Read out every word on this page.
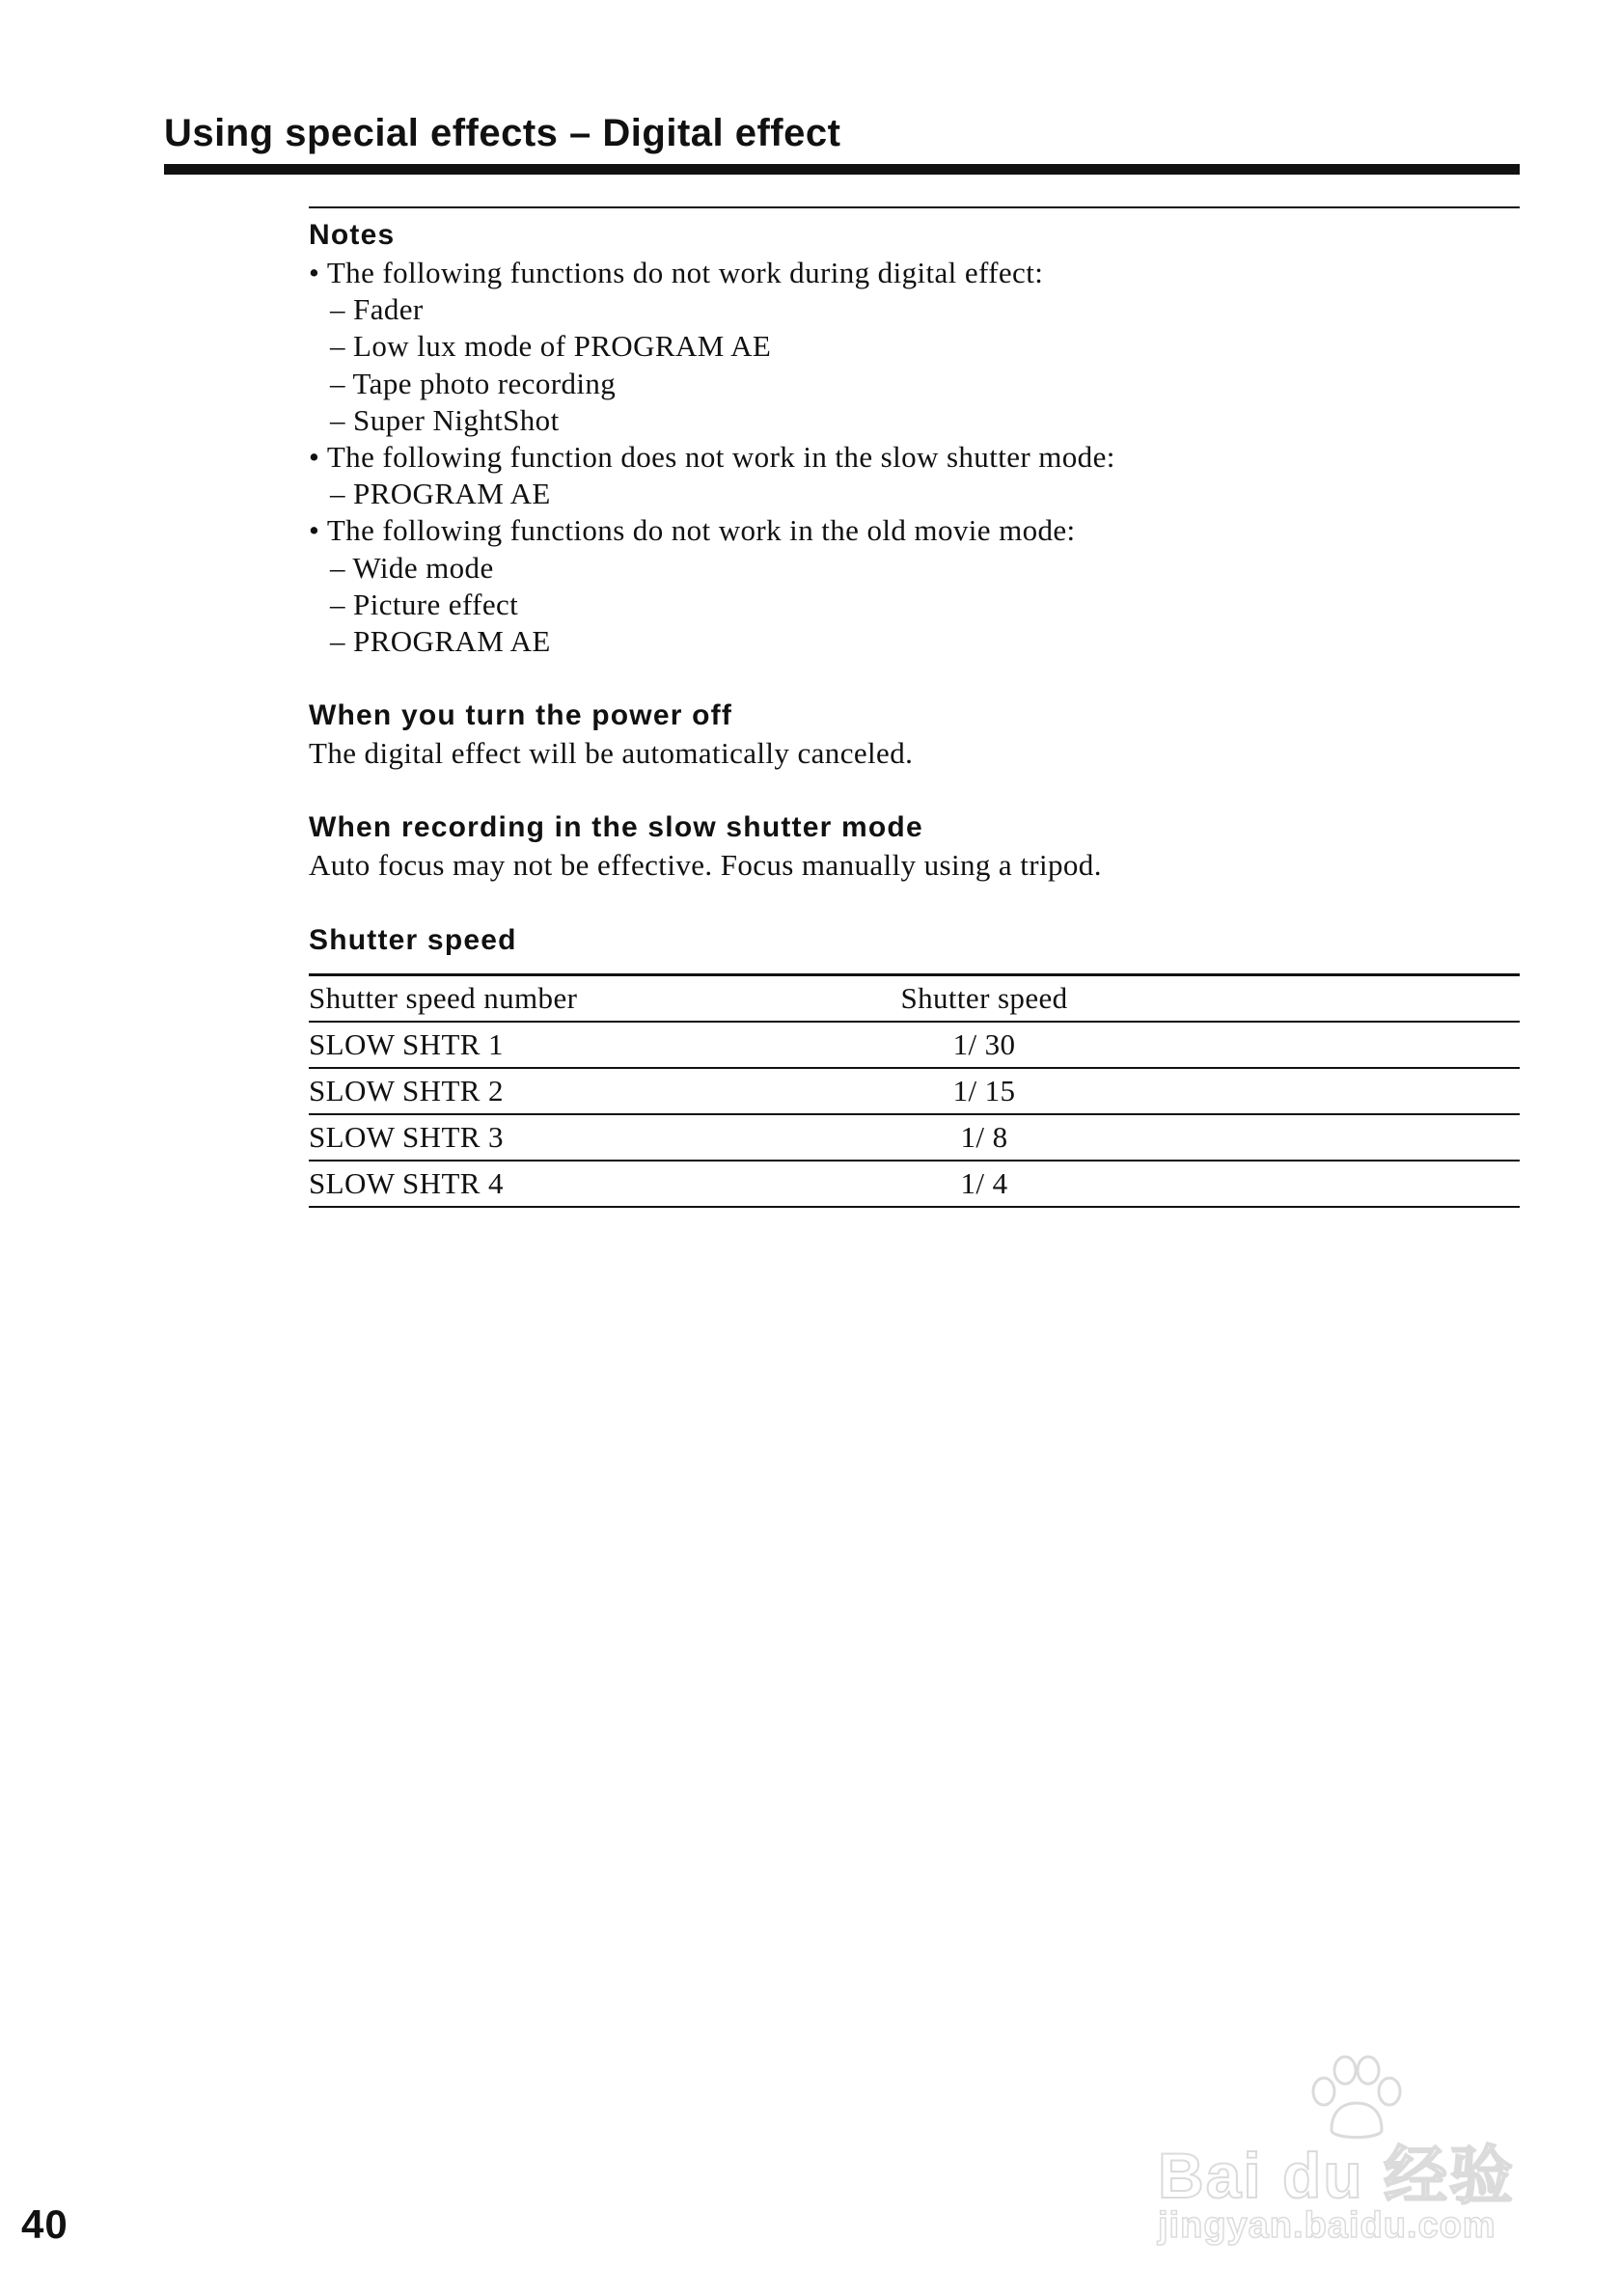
Using special effects – Digital effect
Notes
• The following functions do not work during digital effect:
– Fader
– Low lux mode of PROGRAM AE
– Tape photo recording
– Super NightShot
• The following function does not work in the slow shutter mode:
– PROGRAM AE
• The following functions do not work in the old movie mode:
– Wide mode
– Picture effect
– PROGRAM AE
When you turn the power off

The digital effect will be automatically canceled.

When recording in the slow shutter mode

Auto focus may not be effective. Focus manually using a tripod.

Shutter speed
Shutter speed number	Shutter speed	
SLOW SHTR 1	1/ 30	
SLOW SHTR 2	1/ 15	
SLOW SHTR 3	1/ 8	
SLOW SHTR 4	1/ 4	
40
Bai du 经验
jingyan.baidu.com
